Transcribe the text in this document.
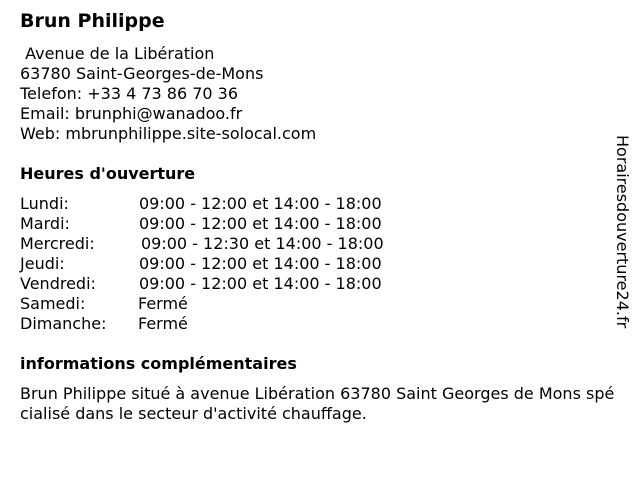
Brun Philippe
Avenue de la Libération
63780 Saint-Georges-de-Mons
Telefon: +33 4 73 86 70 36
Email: brunphi@wanadoo.fr
Web: mbrunphilippe.site-solocal.com
Heures d'ouverture
Lundi:	09:00 - 12:00 et 14:00 - 18:00
Mardi:	09:00 - 12:00 et 14:00 - 18:00
Mercredi:	09:00 - 12:30 et 14:00 - 18:00
Jeudi:	09:00 - 12:00 et 14:00 - 18:00
Vendredi:	09:00 - 12:00 et 14:00 - 18:00
Samedi:	Fermé
Dimanche: Fermé
informations complémentaires
Brun Philippe situé à avenue Libération 63780 Saint Georges de Mons spécialisé dans le secteur d'activité chauffage.
Horairesdouverture24.fr
